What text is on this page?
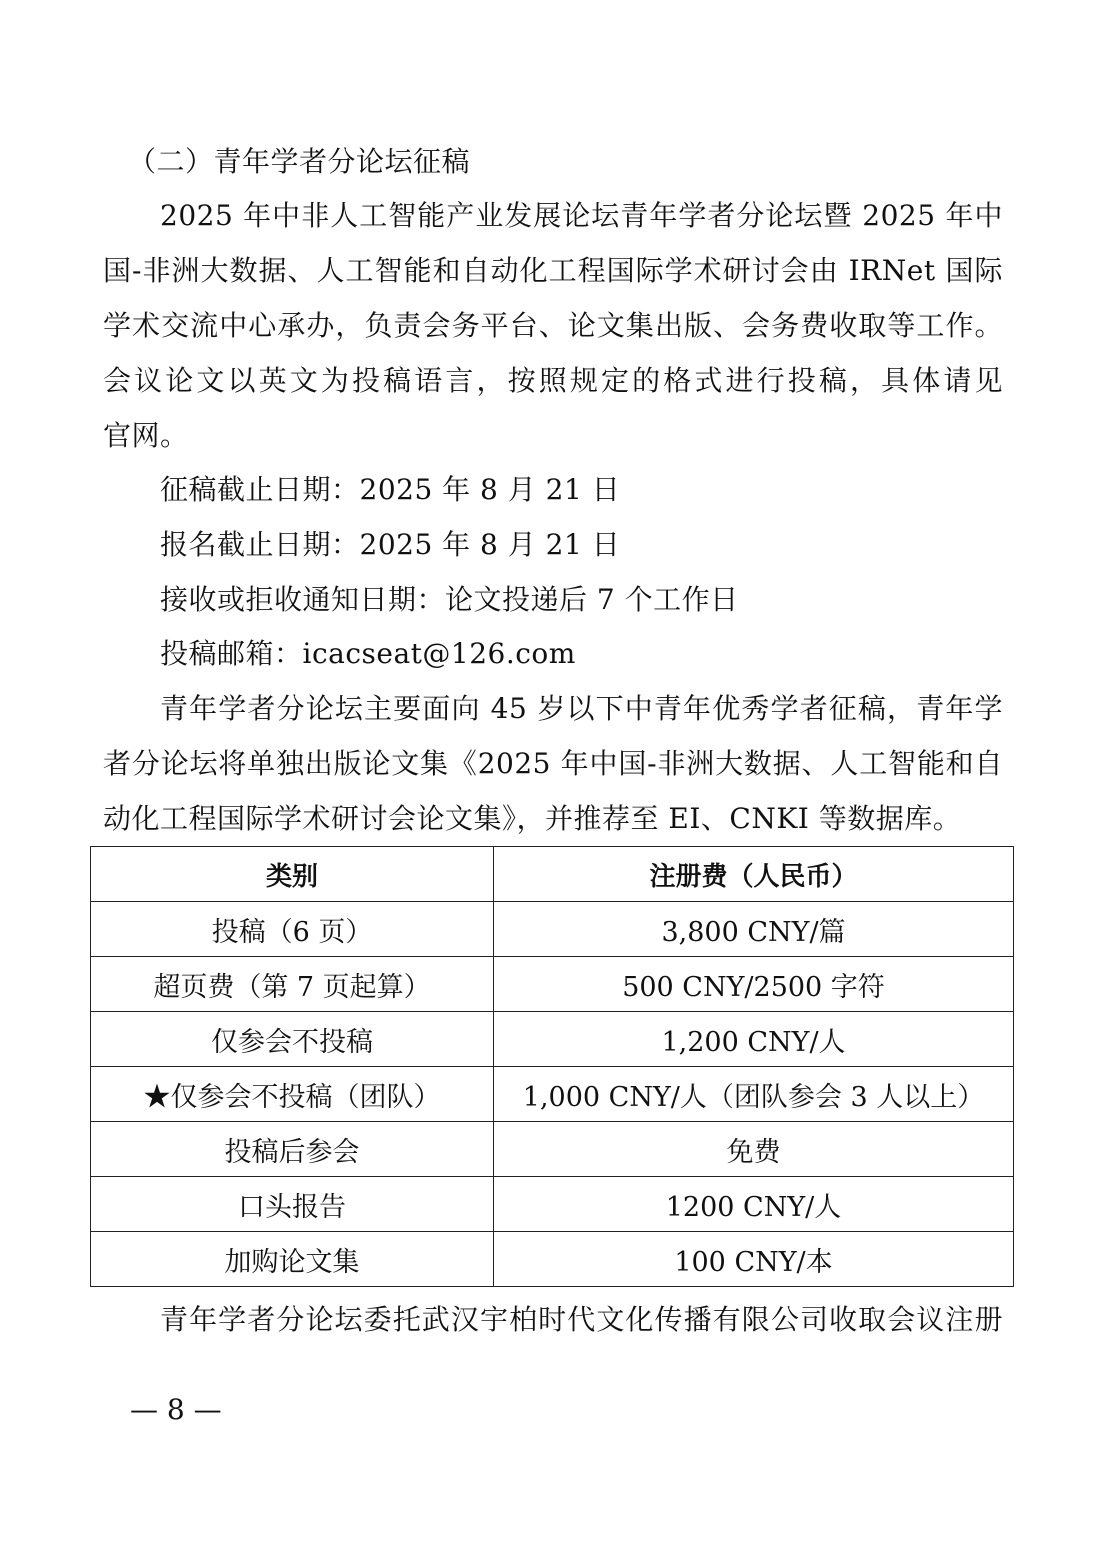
（二）青年学者分论坛征稿
2025 年中非人工智能产业发展论坛青年学者分论坛暨 2025 年中
国-非洲大数据、人工智能和自动化工程国际学术研讨会由 IRNet 国际
学术交流中心承办，负责会务平台、论文集出版、会务费收取等工作。
会议论文以英文为投稿语言，按照规定的格式进行投稿，具体请见
官网。
征稿截止日期：2025 年 8 月 21 日
报名截止日期：2025 年 8 月 21 日
接收或拒收通知日期：论文投递后 7 个工作日
投稿邮箱：icacseat@126.com
青年学者分论坛主要面向 45 岁以下中青年优秀学者征稿，青年学
者分论坛将单独出版论文集《2025 年中国-非洲大数据、人工智能和自
动化工程国际学术研讨会论文集》，并推荐至 EI、CNKI 等数据库。
类别	注册费（人民币）
投稿（6 页）	3,800 CNY/篇
超页费（第 7 页起算）	500 CNY/2500 字符
仅参会不投稿	1,200 CNY/人
★仅参会不投稿（团队）	1,000 CNY/人（团队参会 3 人以上）
投稿后参会	免费
口头报告	1200 CNY/人
加购论文集	100 CNY/本
青年学者分论坛委托武汉宇柏时代文化传播有限公司收取会议注册
— 8 —
